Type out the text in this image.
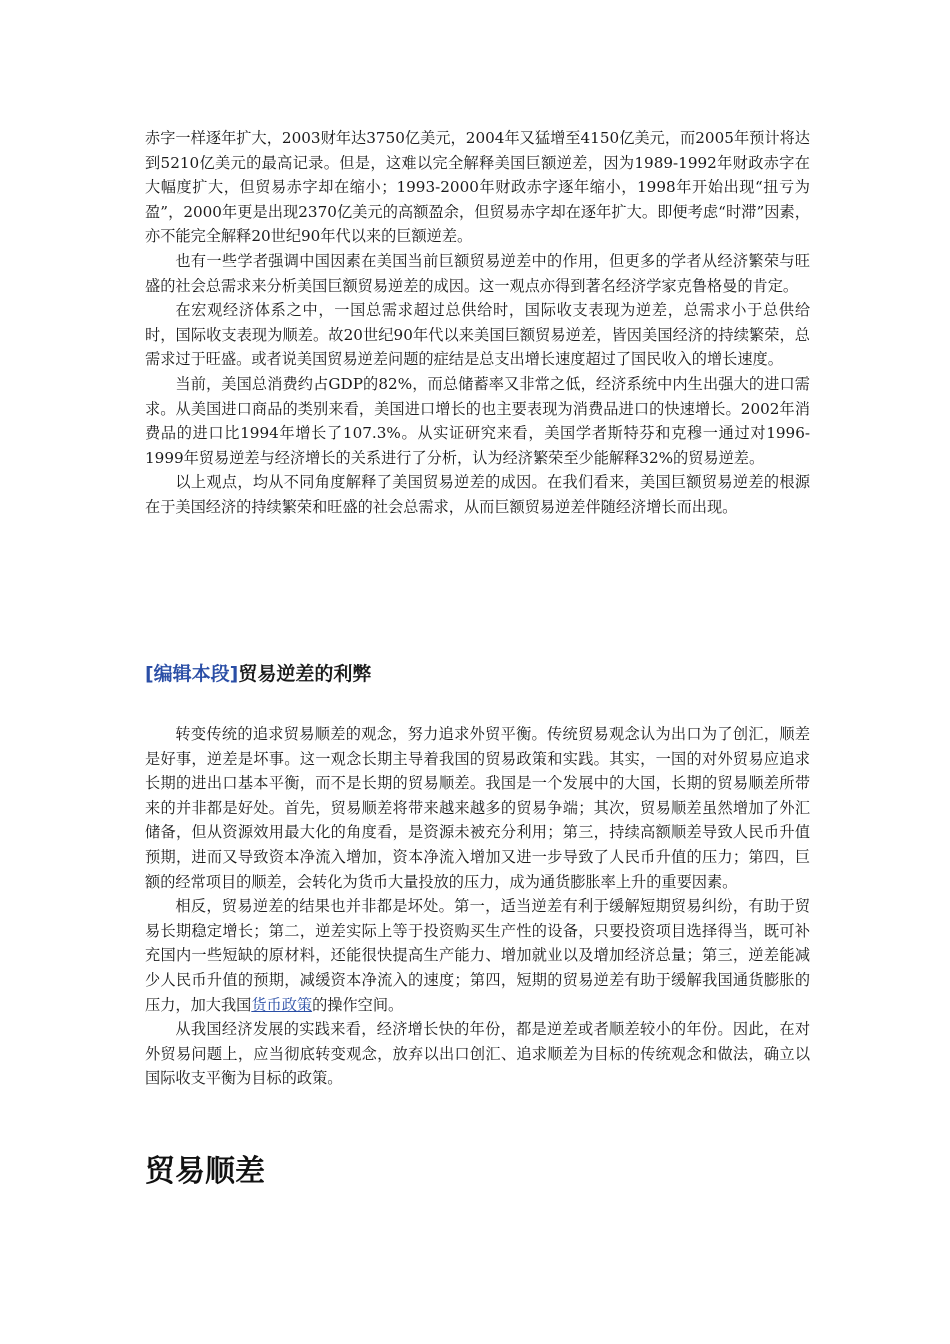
赤字一样逐年扩大，2003财年达3750亿美元，2004年又猛增至4150亿美元，而2005年预计将达到5210亿美元的最高记录。但是，这难以完全解释美国巨额逆差，因为1989-1992年财政赤字在大幅度扩大，但贸易赤字却在缩小；1993-2000年财政赤字逐年缩小，1998年开始出现“扭亏为盈”，2000年更是出现2370亿美元的高额盈余，但贸易赤字却在逐年扩大。即便考虑“时滞”因素，亦不能完全解释20世纪90年代以来的巨额逆差。

也有一些学者强调中国因素在美国当前巨额贸易逆差中的作用，但更多的学者从经济繁荣与旺盛的社会总需求来分析美国巨额贸易逆差的成因。这一观点亦得到著名经济学家克鲁格曼的肯定。

在宏观经济体系之中，一国总需求超过总供给时，国际收支表现为逆差，总需求小于总供给时，国际收支表现为顺差。故20世纪90年代以来美国巨额贸易逆差，皆因美国经济的持续繁荣，总需求过于旺盛。或者说美国贸易逆差问题的症结是总支出增长速度超过了国民收入的增长速度。

当前，美国总消费约占GDP的82%，而总储蓄率又非常之低，经济系统中内生出强大的进口需求。从美国进口商品的类别来看，美国进口增长的也主要表现为消费品进口的快速增长。2002年消费品的进口比1994年增长了107.3%。从实证研究来看，美国学者斯特芬和克穆一通过对1996-1999年贸易逆差与经济增长的关系进行了分析，认为经济繁荣至少能解释32%的贸易逆差。

以上观点，均从不同角度解释了美国贸易逆差的成因。在我们看来，美国巨额贸易逆差的根源在于美国经济的持续繁荣和旺盛的社会总需求，从而巨额贸易逆差伴随经济增长而出现。

[编辑本段]贸易逆差的利弊

转变传统的追求贸易顺差的观念，努力追求外贸平衡。传统贸易观念认为出口为了创汇，顺差是好事，逆差是坏事。这一观念长期主导着我国的贸易政策和实践。其实，一国的对外贸易应追求长期的进出口基本平衡，而不是长期的贸易顺差。我国是一个发展中的大国，长期的贸易顺差所带来的并非都是好处。首先，贸易顺差将带来越来越多的贸易争端；其次，贸易顺差虽然增加了外汇储备，但从资源效用最大化的角度看，是资源未被充分利用；第三，持续高额顺差导致人民币升值预期，进而又导致资本净流入增加，资本净流入增加又进一步导致了人民币升值的压力；第四，巨额的经常项目的顺差，会转化为货币大量投放的压力，成为通货膨胀率上升的重要因素。

相反，贸易逆差的结果也并非都是坏处。第一，适当逆差有利于缓解短期贸易纠纷，有助于贸易长期稳定增长；第二，逆差实际上等于投资购买生产性的设备，只要投资项目选择得当，既可补充国内一些短缺的原材料，还能很快提高生产能力、增加就业以及增加经济总量；第三，逆差能减少人民币升值的预期，减缓资本净流入的速度；第四，短期的贸易逆差有助于缓解我国通货膨胀的压力，加大我国货币政策的操作空间。

从我国经济发展的实践来看，经济增长快的年份，都是逆差或者顺差较小的年份。因此，在对外贸易问题上，应当彻底转变观念，放弃以出口创汇、追求顺差为目标的传统观念和做法，确立以国际收支平衡为目标的政策。

贸易顺差
